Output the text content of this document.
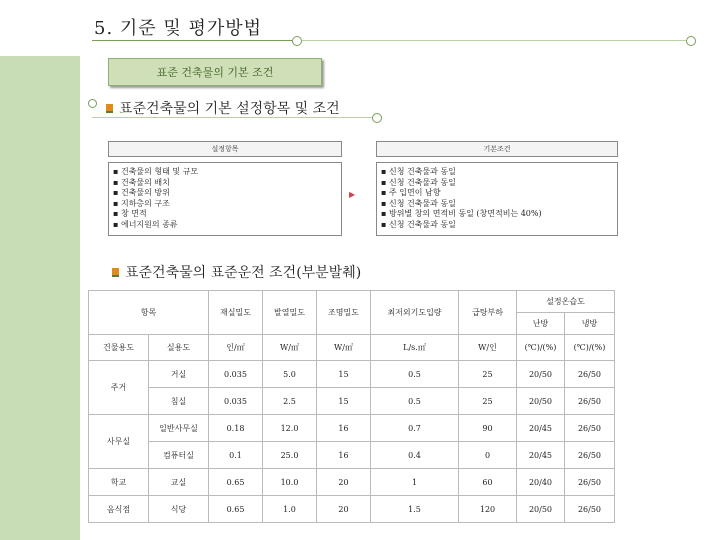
5. 기준 및 평가방법
표준 건축물의 기본 조건
표준건축물의 기본 설정항목 및 조건
설정항목	기본조건
▪ 건축물의 형태 및 규모
▪ 건축물의 배치
▪ 건축물의 방위
▪ 지하층의 구조
▪ 창 면적
▪ 에너지원의 종류
▶
▪ 신청 건축물과 동일
▪ 신청 건축물과 동일
▪ 주 입면이 남향
▪ 신청 건축물과 동일
▪ 방위별 창의 면적비 동일 (창면적비는 40%)
▪ 신청 건축물과 동일
표준건축물의 표준운전 조건(부분발췌)
항목		재실밀도	발열밀도	조명밀도	최저외기도입량	급탕부하	설정온습도	
							난방	냉방
건물용도	실용도	인/㎡	W/㎡	W/㎡	L/s.㎡	W/인	(℃)/(%)	(℃)/(%)
주거	거실	0.035	5.0	15	0.5	25	20/50	26/50
	침실	0.035	2.5	15	0.5	25	20/50	26/50
사무실	일반사무실	0.18	12.0	16	0.7	90	20/45	26/50
	컴퓨터실	0.1	25.0	16	0.4	0	20/45	26/50
학교	교실	0.65	10.0	20	1	60	20/40	26/50
음식점	식당	0.65	1.0	20	1.5	120	20/50	26/50
